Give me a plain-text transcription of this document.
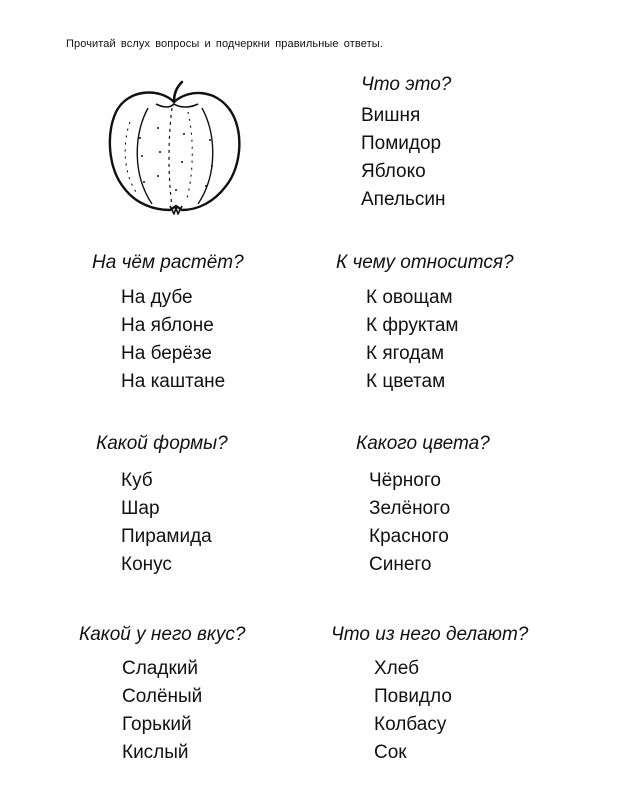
Прочитай вслух вопросы и подчеркни правильные ответы.
Что это?
Вишня
Помидор
Яблоко
Апельсин
На чём растёт?
На дубе
На яблоне
На берёзе
На каштане
К чему относится?
К овощам
К фруктам
К ягодам
К цветам
Какой формы?
Куб
Шар
Пирамида
Конус
Какого цвета?
Чёрного
Зелёного
Красного
Синего
Какой у него вкус?
Сладкий
Солёный
Горький
Кислый
Что из него делают?
Хлеб
Повидло
Колбасу
Сок
